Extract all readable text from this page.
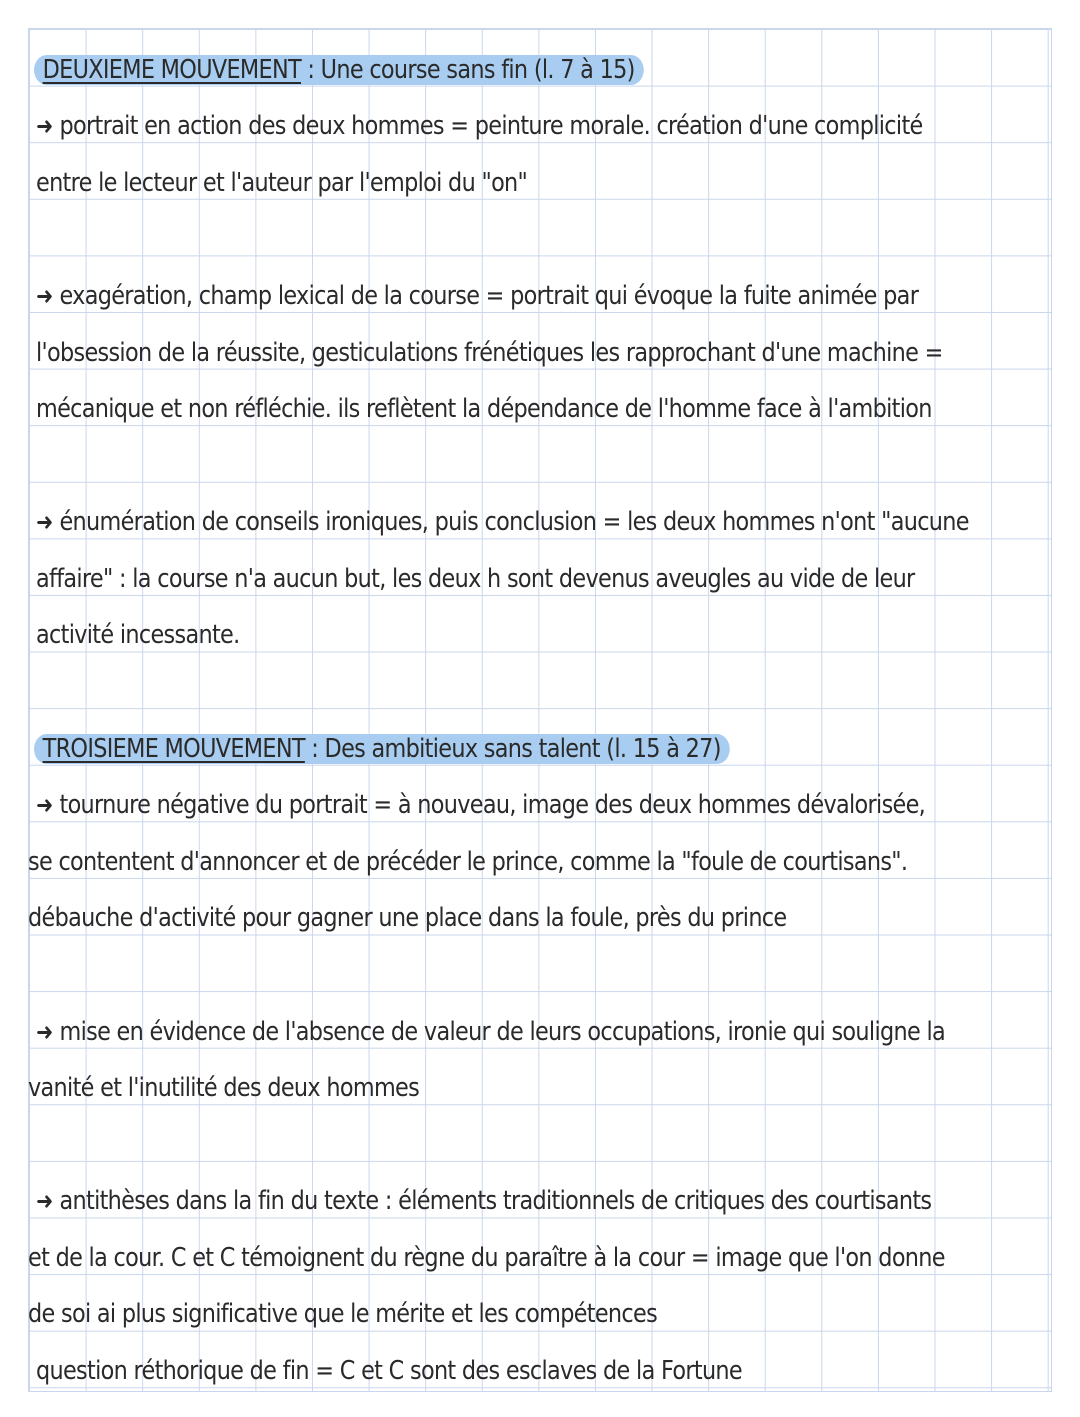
DEUXIEME MOUVEMENT : Une course sans fin (l. 7 à 15)
➜ portrait en action des deux hommes = peinture morale. création d'une complicité
entre le lecteur et l'auteur par l'emploi du "on"
➜ exagération, champ lexical de la course = portrait qui évoque la fuite animée par
l'obsession de la réussite, gesticulations frénétiques les rapprochant d'une machine =
mécanique et non réfléchie. ils reflètent la dépendance de l'homme face à l'ambition
➜ énumération de conseils ironiques, puis conclusion = les deux hommes n'ont "aucune
affaire" : la course n'a aucun but, les deux h sont devenus aveugles au vide de leur
activité incessante.
TROISIEME MOUVEMENT : Des ambitieux sans talent (l. 15 à 27)
➜ tournure négative du portrait = à nouveau, image des deux hommes dévalorisée,
se contentent d'annoncer et de précéder le prince, comme la "foule de courtisans".
débauche d'activité pour gagner une place dans la foule, près du prince
➜ mise en évidence de l'absence de valeur de leurs occupations, ironie qui souligne la
vanité et l'inutilité des deux hommes
➜ antithèses dans la fin du texte : éléments traditionnels de critiques des courtisants
et de la cour. C et C témoignent du règne du paraître à la cour = image que l'on donne
de soi ai plus significative que le mérite et les compétences
question réthorique de fin = C et C sont des esclaves de la Fortune
